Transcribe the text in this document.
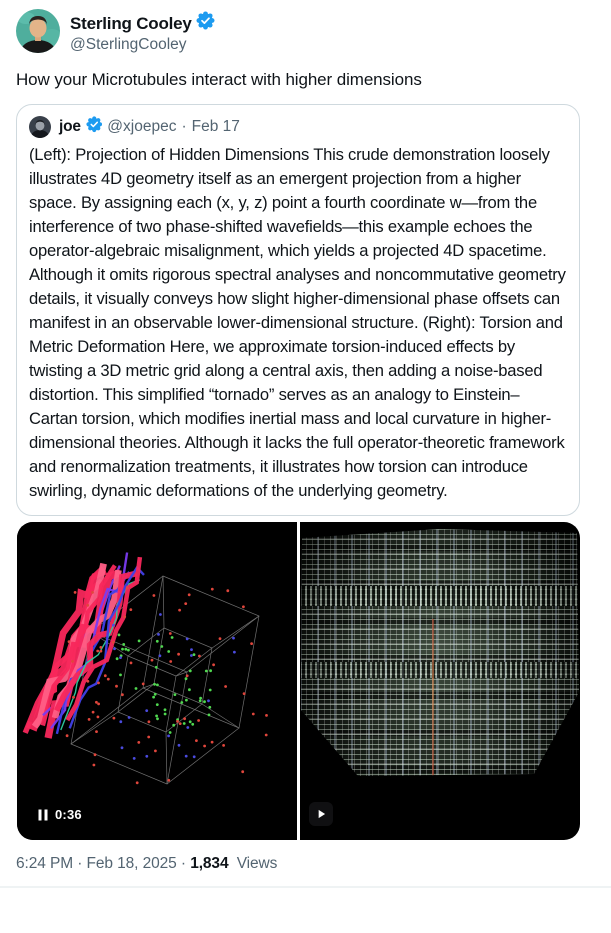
Sterling Cooley
@SterlingCooley
How your Microtubules interact with higher dimensions
joe @xjoepec · Feb 17
(Left): Projection of Hidden Dimensions This crude demonstration loosely illustrates 4D geometry itself as an emergent projection from a higher space. By assigning each (x, y, z) point a fourth coordinate w—from the interference of two phase-shifted wavefields—this example echoes the operator-algebraic misalignment, which yields a projected 4D spacetime. Although it omits rigorous spectral analyses and noncommutative geometry details, it visually conveys how slight higher-dimensional phase offsets can manifest in an observable lower-dimensional structure. (Right): Torsion and Metric Deformation Here, we approximate torsion-induced effects by twisting a 3D metric grid along a central axis, then adding a noise-based distortion. This simplified “tornado” serves as an analogy to Einstein–Cartan torsion, which modifies inertial mass and local curvature in higher-dimensional theories. Although it lacks the full operator-theoretic framework and renormalization treatments, it illustrates how torsion can introduce swirling, dynamic deformations of the underlying geometry.
0:36
6:24 PM · Feb 18, 2025 · 1,834 Views
